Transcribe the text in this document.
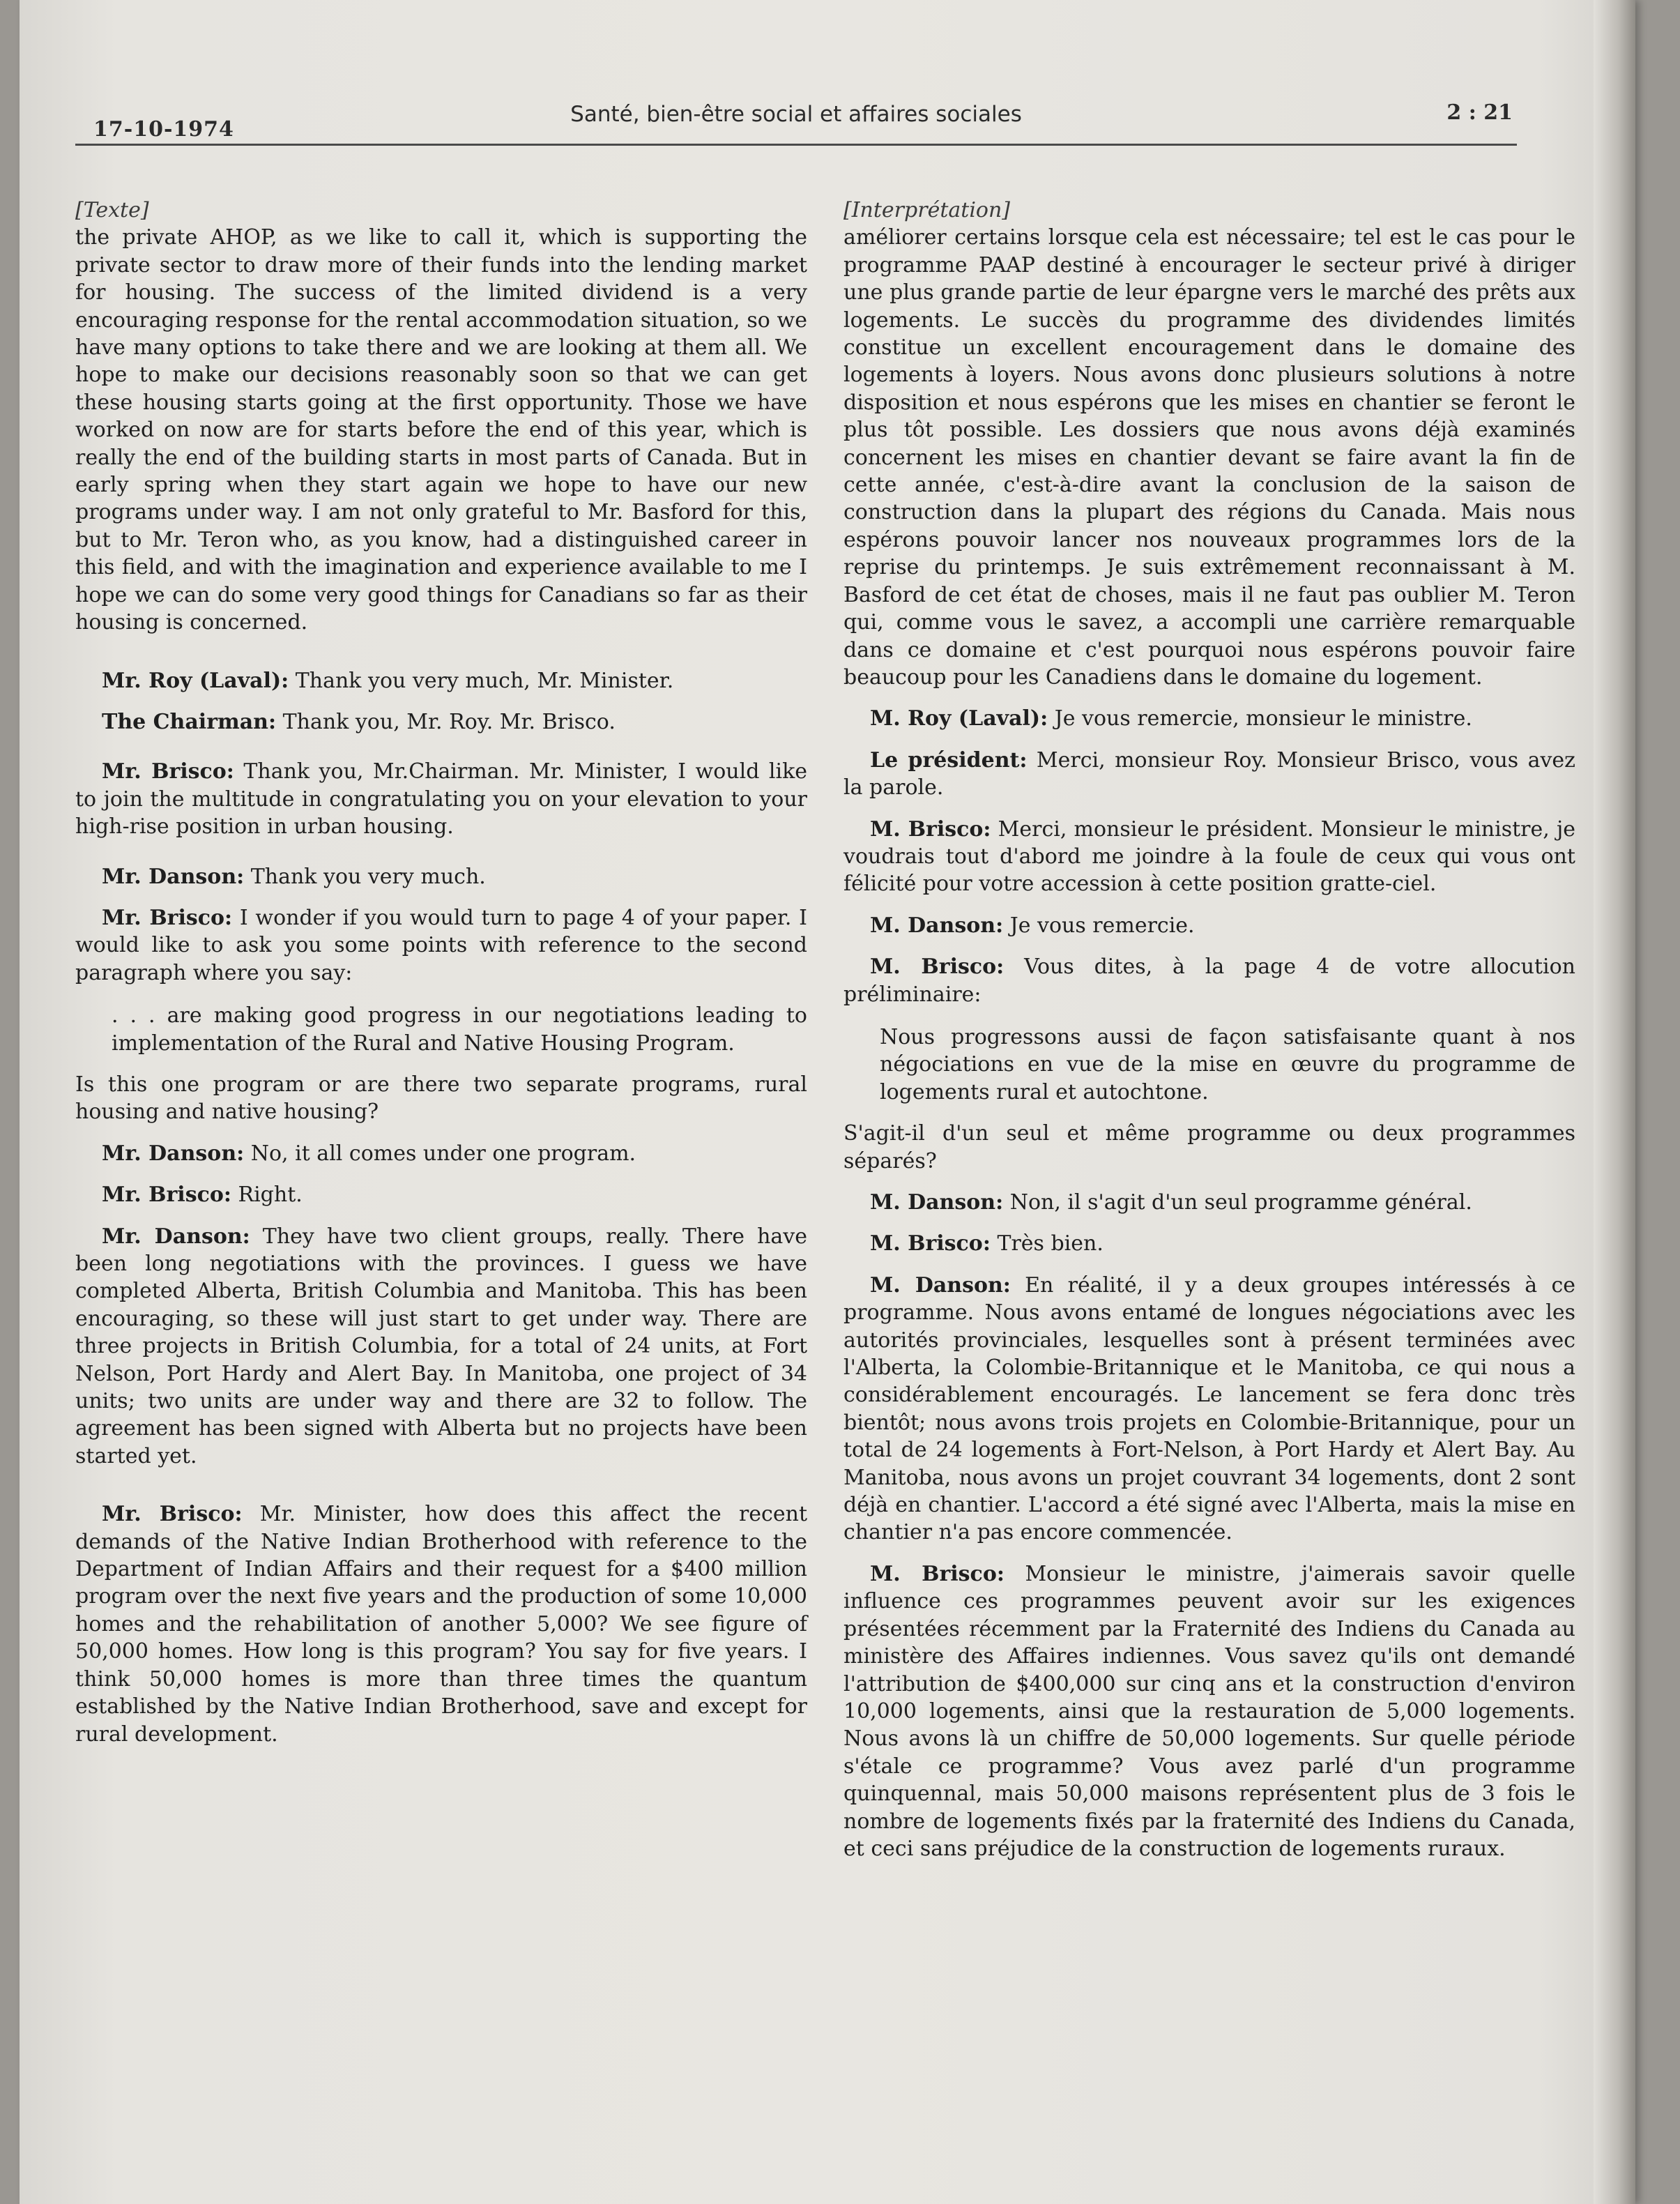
17-10-1974
Santé, bien-être social et affaires sociales	2 : 21

[Texte]

the private AHOP, as we like to call it, which is supporting the private sector to draw more of their funds into the lending market for housing. The success of the limited dividend is a very encouraging response for the rental accommodation situation, so we have many options to take there and we are looking at them all. We hope to make our decisions reasonably soon so that we can get these housing starts going at the first opportunity. Those we have worked on now are for starts before the end of this year, which is really the end of the building starts in most parts of Canada. But in early spring when they start again we hope to have our new programs under way. I am not only grateful to Mr. Basford for this, but to Mr. Teron who, as you know, had a distinguished career in this field, and with the imagination and experience available to me I hope we can do some very good things for Canadians so far as their housing is concerned.

Mr. Roy (Laval): Thank you very much, Mr. Minister.

The Chairman: Thank you, Mr. Roy. Mr. Brisco.

Mr. Brisco: Thank you, Mr.Chairman. Mr. Minister, I would like to join the multitude in congratulating you on your elevation to your high-rise position in urban housing.

Mr. Danson: Thank you very much.

Mr. Brisco: I wonder if you would turn to page 4 of your paper. I would like to ask you some points with reference to the second paragraph where you say:

. . . are making good progress in our negotiations leading to implementation of the Rural and Native Housing Program.

Is this one program or are there two separate programs, rural housing and native housing?

Mr. Danson: No, it all comes under one program.

Mr. Brisco: Right.

Mr. Danson: They have two client groups, really. There have been long negotiations with the provinces. I guess we have completed Alberta, British Columbia and Manitoba. This has been encouraging, so these will just start to get under way. There are three projects in British Columbia, for a total of 24 units, at Fort Nelson, Port Hardy and Alert Bay. In Manitoba, one project of 34 units; two units are under way and there are 32 to follow. The agreement has been signed with Alberta but no projects have been started yet.

Mr. Brisco: Mr. Minister, how does this affect the recent demands of the Native Indian Brotherhood with reference to the Department of Indian Affairs and their request for a $400 million program over the next five years and the production of some 10,000 homes and the rehabilitation of another 5,000? We see figure of 50,000 homes. How long is this program? You say for five years. I think 50,000 homes is more than three times the quantum established by the Native Indian Brotherhood, save and except for rural development.

[Interprétation]

améliorer certains lorsque cela est nécessaire; tel est le cas pour le programme PAAP destiné à encourager le secteur privé à diriger une plus grande partie de leur épargne vers le marché des prêts aux logements. Le succès du programme des dividendes limités constitue un excellent encouragement dans le domaine des logements à loyers. Nous avons donc plusieurs solutions à notre disposition et nous espérons que les mises en chantier se feront le plus tôt possible. Les dossiers que nous avons déjà examinés concernent les mises en chantier devant se faire avant la fin de cette année, c'est-à-dire avant la conclusion de la saison de construction dans la plupart des régions du Canada. Mais nous espérons pouvoir lancer nos nouveaux programmes lors de la reprise du printemps. Je suis extrêmement reconnaissant à M. Basford de cet état de choses, mais il ne faut pas oublier M. Teron qui, comme vous le savez, a accompli une carrière remarquable dans ce domaine et c'est pourquoi nous espérons pouvoir faire beaucoup pour les Canadiens dans le domaine du logement.

M. Roy (Laval): Je vous remercie, monsieur le ministre.

Le président: Merci, monsieur Roy. Monsieur Brisco, vous avez la parole.

M. Brisco: Merci, monsieur le président. Monsieur le ministre, je voudrais tout d'abord me joindre à la foule de ceux qui vous ont félicité pour votre accession à cette position gratte-ciel.

M. Danson: Je vous remercie.

M. Brisco: Vous dites, à la page 4 de votre allocution préliminaire:

Nous progressons aussi de façon satisfaisante quant à nos négociations en vue de la mise en œuvre du programme de logements rural et autochtone.

S'agit-il d'un seul et même programme ou deux programmes séparés?

M. Danson: Non, il s'agit d'un seul programme général.

M. Brisco: Très bien.

M. Danson: En réalité, il y a deux groupes intéressés à ce programme. Nous avons entamé de longues négociations avec les autorités provinciales, lesquelles sont à présent terminées avec l'Alberta, la Colombie-Britannique et le Manitoba, ce qui nous a considérablement encouragés. Le lancement se fera donc très bientôt; nous avons trois projets en Colombie-Britannique, pour un total de 24 logements à Fort-Nelson, à Port Hardy et Alert Bay. Au Manitoba, nous avons un projet couvrant 34 logements, dont 2 sont déjà en chantier. L'accord a été signé avec l'Alberta, mais la mise en chantier n'a pas encore commencée.

M. Brisco: Monsieur le ministre, j'aimerais savoir quelle influence ces programmes peuvent avoir sur les exigences présentées récemment par la Fraternité des Indiens du Canada au ministère des Affaires indiennes. Vous savez qu'ils ont demandé l'attribution de $400,000 sur cinq ans et la construction d'environ 10,000 logements, ainsi que la restauration de 5,000 logements. Nous avons là un chiffre de 50,000 logements. Sur quelle période s'étale ce programme? Vous avez parlé d'un programme quinquennal, mais 50,000 maisons représentent plus de 3 fois le nombre de logements fixés par la fraternité des Indiens du Canada, et ceci sans préjudice de la construction de logements ruraux.
